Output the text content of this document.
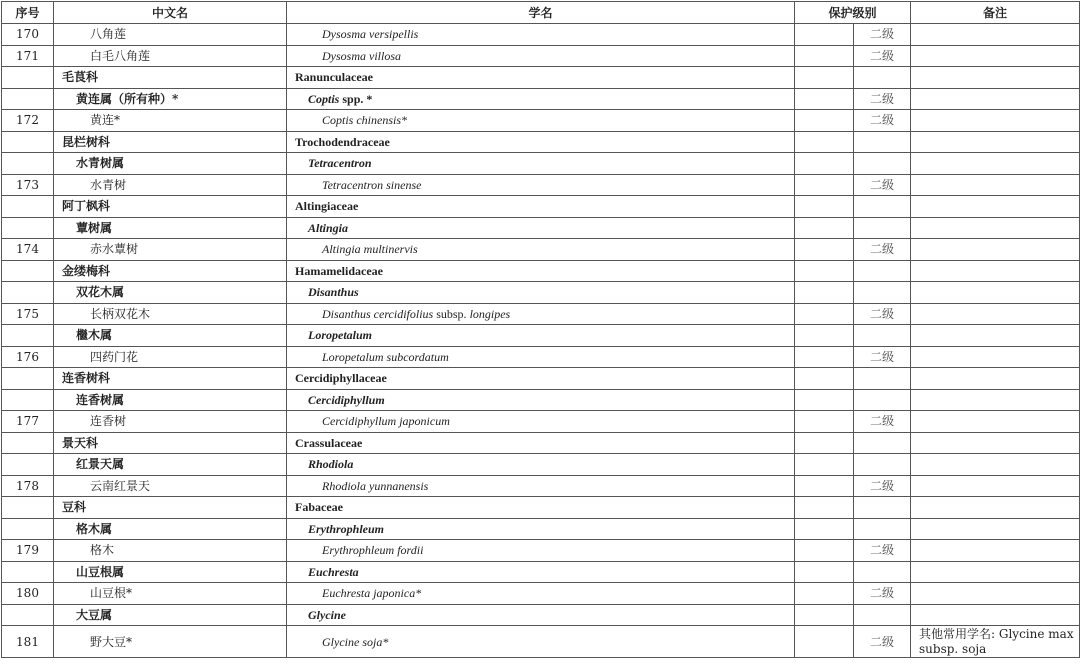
序号	中文名	学名	保护级别		备注
170	八角莲	Dysosma versipellis		二级	
171	白毛八角莲	Dysosma villosa		二级	
	毛茛科	Ranunculaceae			
	黄连属（所有种）*	Coptis spp. *		二级	
172	黄连*	Coptis chinensis*		二级	
	昆栏树科	Trochodendraceae			
	水青树属	Tetracentron			
173	水青树	Tetracentron sinense		二级	
	阿丁枫科	Altingiaceae			
	蕈树属	Altingia			
174	赤水蕈树	Altingia multinervis		二级	
	金缕梅科	Hamamelidaceae			
	双花木属	Disanthus			
175	长柄双花木	Disanthus cercidifolius subsp. longipes		二级	
	檵木属	Loropetalum			
176	四药门花	Loropetalum subcordatum		二级	
	连香树科	Cercidiphyllaceae			
	连香树属	Cercidiphyllum			
177	连香树	Cercidiphyllum japonicum		二级	
	景天科	Crassulaceae			
	红景天属	Rhodiola			
178	云南红景天	Rhodiola yunnanensis		二级	
	豆科	Fabaceae			
	格木属	Erythrophleum			
179	格木	Erythrophleum fordii		二级	
	山豆根属	Euchresta			
180	山豆根*	Euchresta japonica*		二级	
	大豆属	Glycine			
181	野大豆*	Glycine soja*		二级	其他常用学名: Glycine max subsp. soja
